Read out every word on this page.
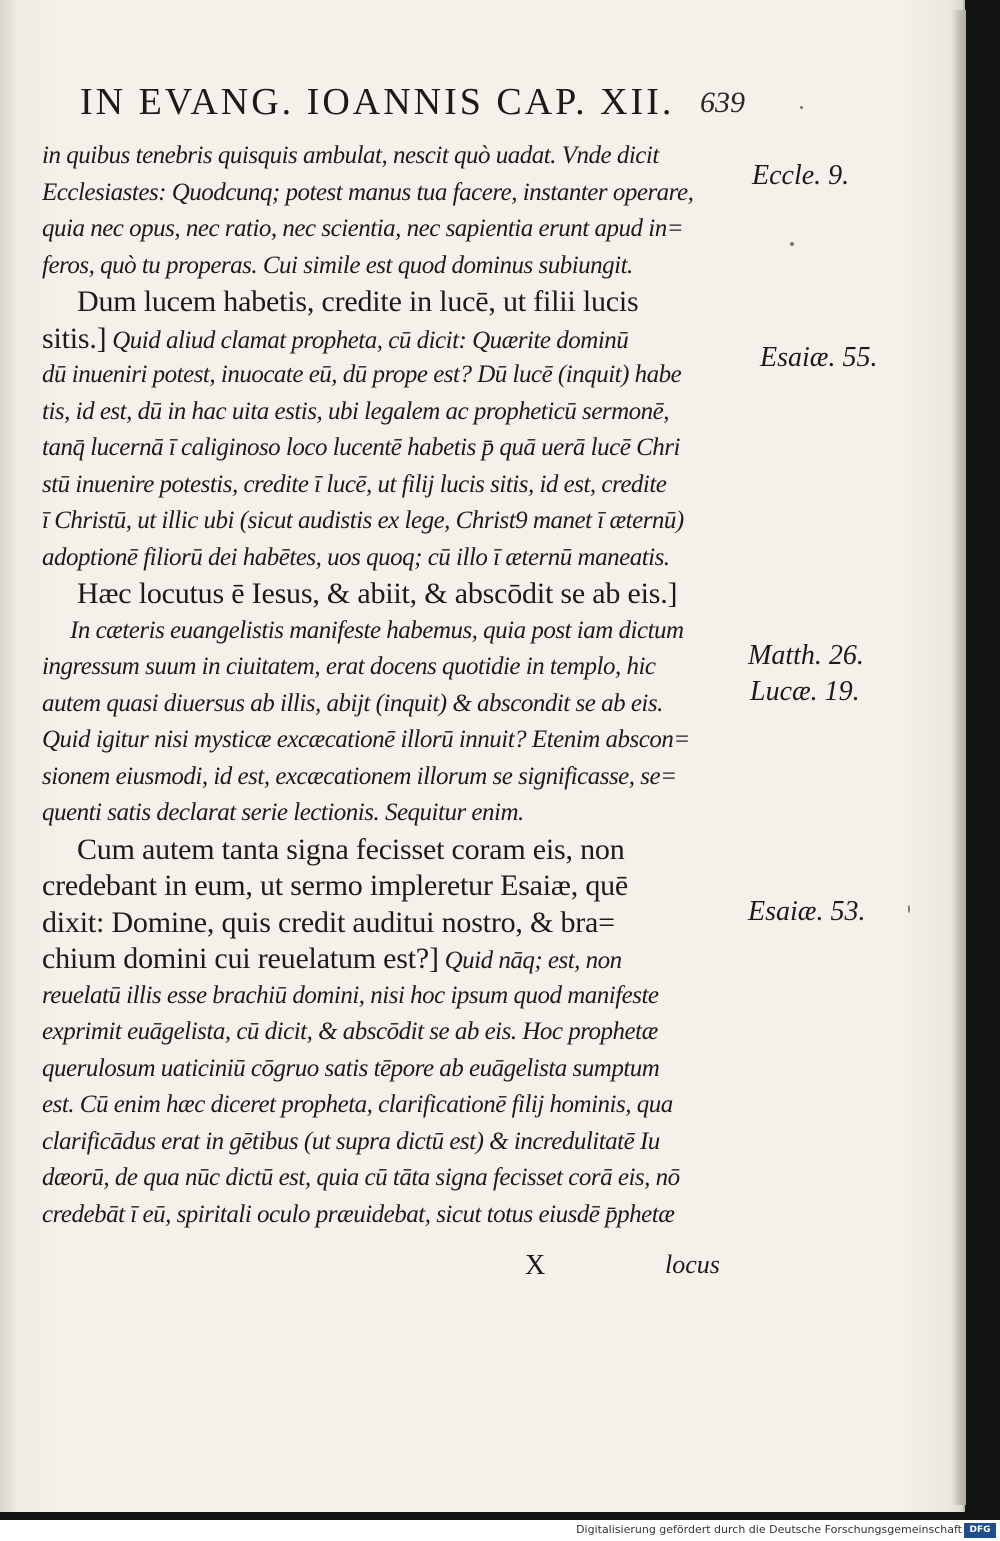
IN EVANG. IOANNIS CAP. XII. 639
in quibus tenebris quisquis ambulat, nescit quò uadat. Vnde dicit
Ecclesiastes: Quodcunq; potest manus tua facere, instanter operare,
quia nec opus, nec ratio, nec scientia, nec sapientia erunt apud in=
feros, quò tu properas. Cui simile est quod dominus subiungit.
Dum lucem habetis, credite in lucē, ut filii lucis
sitis.] Quid aliud clamat propheta, cū dicit: Quærite dominū
dū inueniri potest, inuocate eū, dū prope est? Dū lucē (inquit) habe
tis, id est, dū in hac uita estis, ubi legalem ac propheticū sermonē,
tanq̄ lucernā ī caliginoso loco lucentē habetis p̄ quā uerā lucē Chri
stū inuenire potestis, credite ī lucē, ut filij lucis sitis, id est, credite
ī Christū, ut illic ubi (sicut audistis ex lege, Christ9 manet ī æternū)
adoptionē filiorū dei habētes, uos quoq; cū illo ī æternū maneatis.
Hæc locutus ē Iesus, & abiit, & abscōdit se ab eis.]
In cæteris euangelistis manifeste habemus, quia post iam dictum
ingressum suum in ciuitatem, erat docens quotidie in templo, hic
autem quasi diuersus ab illis, abijt (inquit) & abscondit se ab eis.
Quid igitur nisi mysticæ excæcationē illorū innuit? Etenim abscon=
sionem eiusmodi, id est, excæcationem illorum se significasse, se=
quenti satis declarat serie lectionis. Sequitur enim.
Cum autem tanta signa fecisset coram eis, non
credebant in eum, ut sermo impleretur Esaiæ, quē
dixit: Domine, quis credit auditui nostro, & bra=
chium domini cui reuelatum est?] Quid nāq; est, non
reuelatū illis esse brachiū domini, nisi hoc ipsum quod manifeste
exprimit euāgelista, cū dicit, & abscōdit se ab eis. Hoc prophetæ
querulosum uaticiniū cōgruo satis tēpore ab euāgelista sumptum
est. Cū enim hæc diceret propheta, clarificationē filij hominis, qua
clarificādus erat in gētibus (ut supra dictū est) & incredulitatē Iu
dæorū, de qua nūc dictū est, quia cū tāta signa fecisset corā eis, nō
credebāt ī eū, spiritali oculo præuidebat, sicut totus eiusdē p̄phetæ
Eccle. 9.
Esaiæ. 55.
Matth. 26.
Lucæ. 19.
Esaiæ. 53.
X	locus
Digitalisierung gefördert durch die Deutsche Forschungsgemeinschaft DFG
